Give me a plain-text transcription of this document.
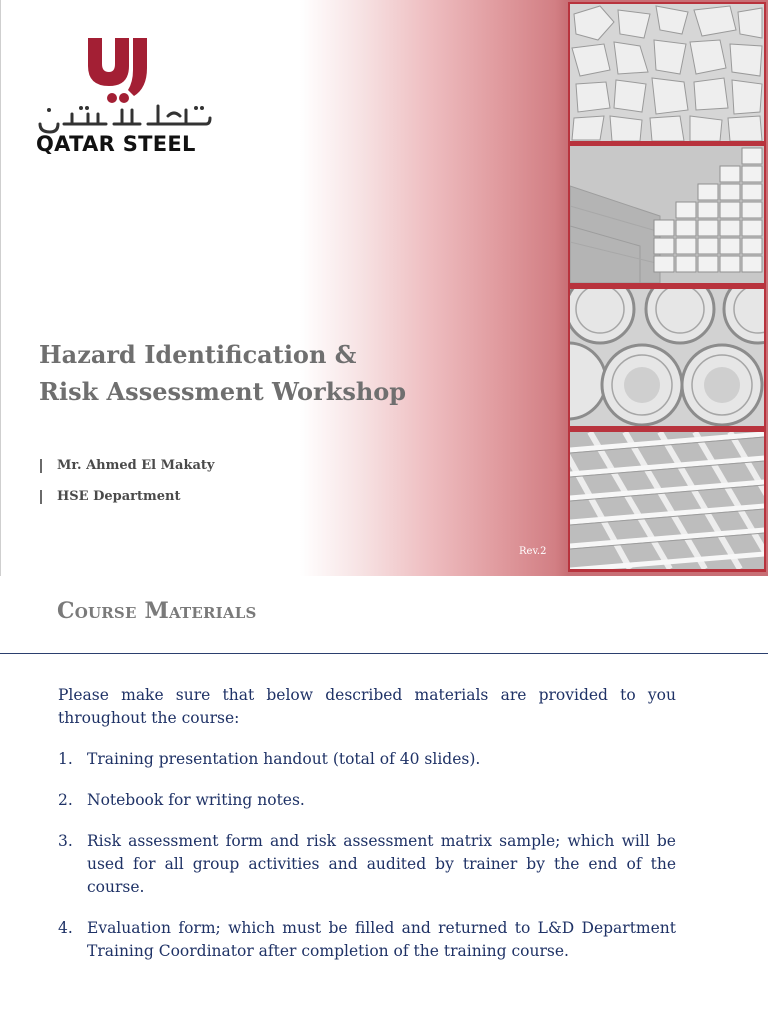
QATAR STEEL
Hazard Identification &
Risk Assessment Workshop
Mr. Ahmed El Makaty
HSE Department
Rev.2
Course Materials

Please make sure that below described materials are provided to you throughout the course:

1. Training presentation handout (total of 40 slides).
2. Notebook for writing notes.
3. Risk assessment form and risk assessment matrix sample; which will be used for all group activities and audited by trainer by the end of the course.
4. Evaluation form; which must be filled and returned to L&D Department Training Coordinator after completion of the training course.
